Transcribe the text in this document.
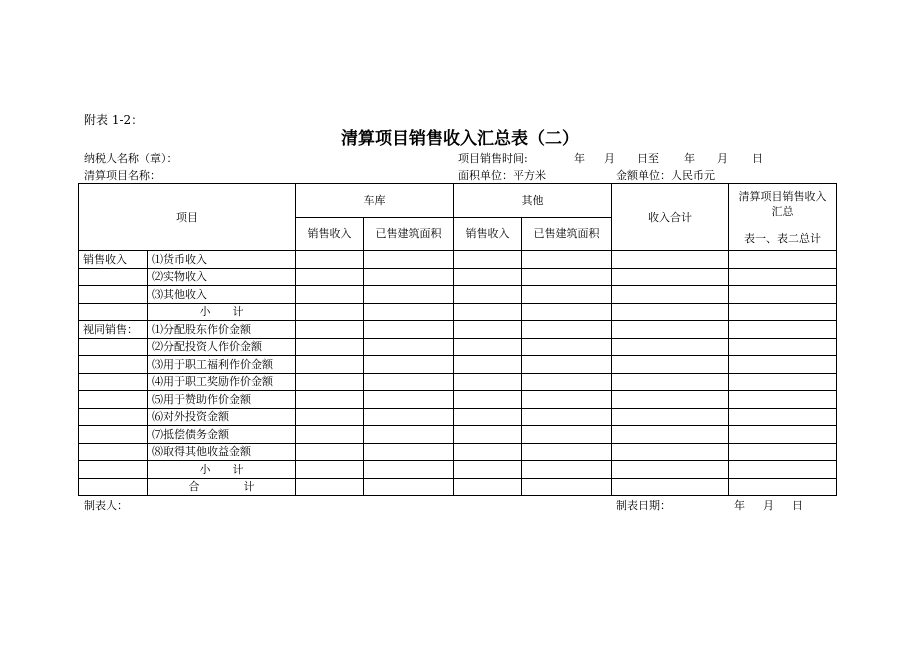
附表 1-2：
清算项目销售收入汇总表（二）
纳税人名称（章）：
清算项目名称：
项目销售时间:	年 月 日至 年 月 日
面积单位：平方米	金额单位：人民币元
项目		车库		其他		收入合计	清算项目销售收入
汇总
表一、表二总计

		销售收入	已售建筑面积	销售收入	已售建筑面积		
销售收入	⑴货币收入						
	⑵实物收入						
	⑶其他收入						
	小　　计						
视同销售：	⑴分配股东作价金额						
	⑵分配投资人作价金额						
	⑶用于职工福利作价金额						
	⑷用于职工奖励作价金额						
	⑸用于赞助作价金额						
	⑹对外投资金额						
	⑺抵偿债务金额						
	⑻取得其他收益金额						
	小　　计						
	合　　　　计						
制表人：	制表日期：	年 月 日
